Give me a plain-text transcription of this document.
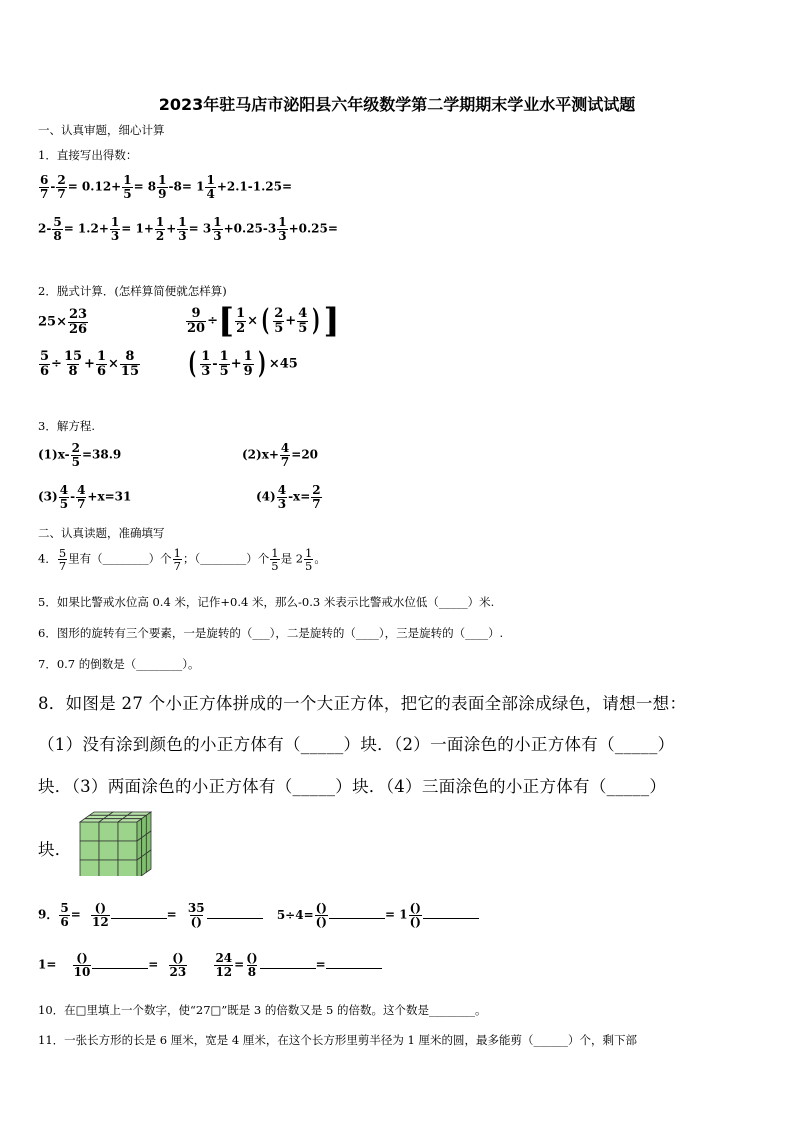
2023年驻马店市泌阳县六年级数学第二学期期末学业水平测试试题
一、认真审题，细心计算
1．直接写出得数：
$\frac{6}{7} - \frac{2}{7} = 0.12+ \frac{1}{5} = 8 \frac{1}{9} -8= 1 \frac{1}{4} +2.1-1.25=$
$2- \frac{5}{8} = 1.2+ \frac{1}{3} = 1+ \frac{1}{2} + \frac{1}{3} = 3 \frac{1}{3} +0.25-3 \frac{1}{3} +0.25=$
2．脱式计算．(怎样算简便就怎样算)
$25\times \frac{23}{26}$	$\frac{9}{20}$ ÷[ $\frac{1}{2}$ × ( $\frac{2}{5} + \frac{4}{5}$ )]
$\frac{5}{6} \div \frac{15}{8} + \frac{1}{6} \times \frac{8}{15}$ ( $\frac{1}{3} - \frac{1}{5} + \frac{1}{9}$ ) ×45
3．解方程.
$(1)x- \frac{2}{5} =38.9$	$(2)x+ \frac{4}{7} =20$
$(3) \frac{4}{5} - \frac{4}{7} +x=31$	$(4) \frac{4}{3} -x= \frac{2}{7}$
二、认真读题，准确填写
4． $\frac{5}{7}$ 里有（________）个 $\frac{1}{7}$ ；（________）个 $\frac{1}{5}$ 是 $2 \frac{1}{5}$ 。
5．如果比警戒水位高 0.4 米，记作+0.4 米，那么-0.3 米表示比警戒水位低（_____）米.
6．图形的旋转有三个要素，一是旋转的（___），二是旋转的（____），三是旋转的（____）.
7．0.7 的倒数是（________）。
8．如图是 27 个小正方体拼成的一个大正方体，把它的表面全部涂成绿色，请想一想：
（1）没有涂到颜色的小正方体有（_____）块．（2）一面涂色的小正方体有（_____）
块．（3）两面涂色的小正方体有（_____）块．（4）三面涂色的小正方体有（_____）
块．
9． $\frac{5}{6} = \frac{()}{12}$	= $\frac{35}{()}$	$5\div 4= \frac{()}{()}$	= $1 \frac{()}{()}$
$1= \frac{()}{10}$	= $\frac{()}{23}$
$\frac{24}{12} = \frac{()}{8}$	=
10．在□里填上一个数字，使“27□”既是 3 的倍数又是 5 的倍数。这个数是________。
11．一张长方形的长是 6 厘米，宽是 4 厘米，在这个长方形里剪半径为 1 厘米的圆，最多能剪（______）个，剩下部
